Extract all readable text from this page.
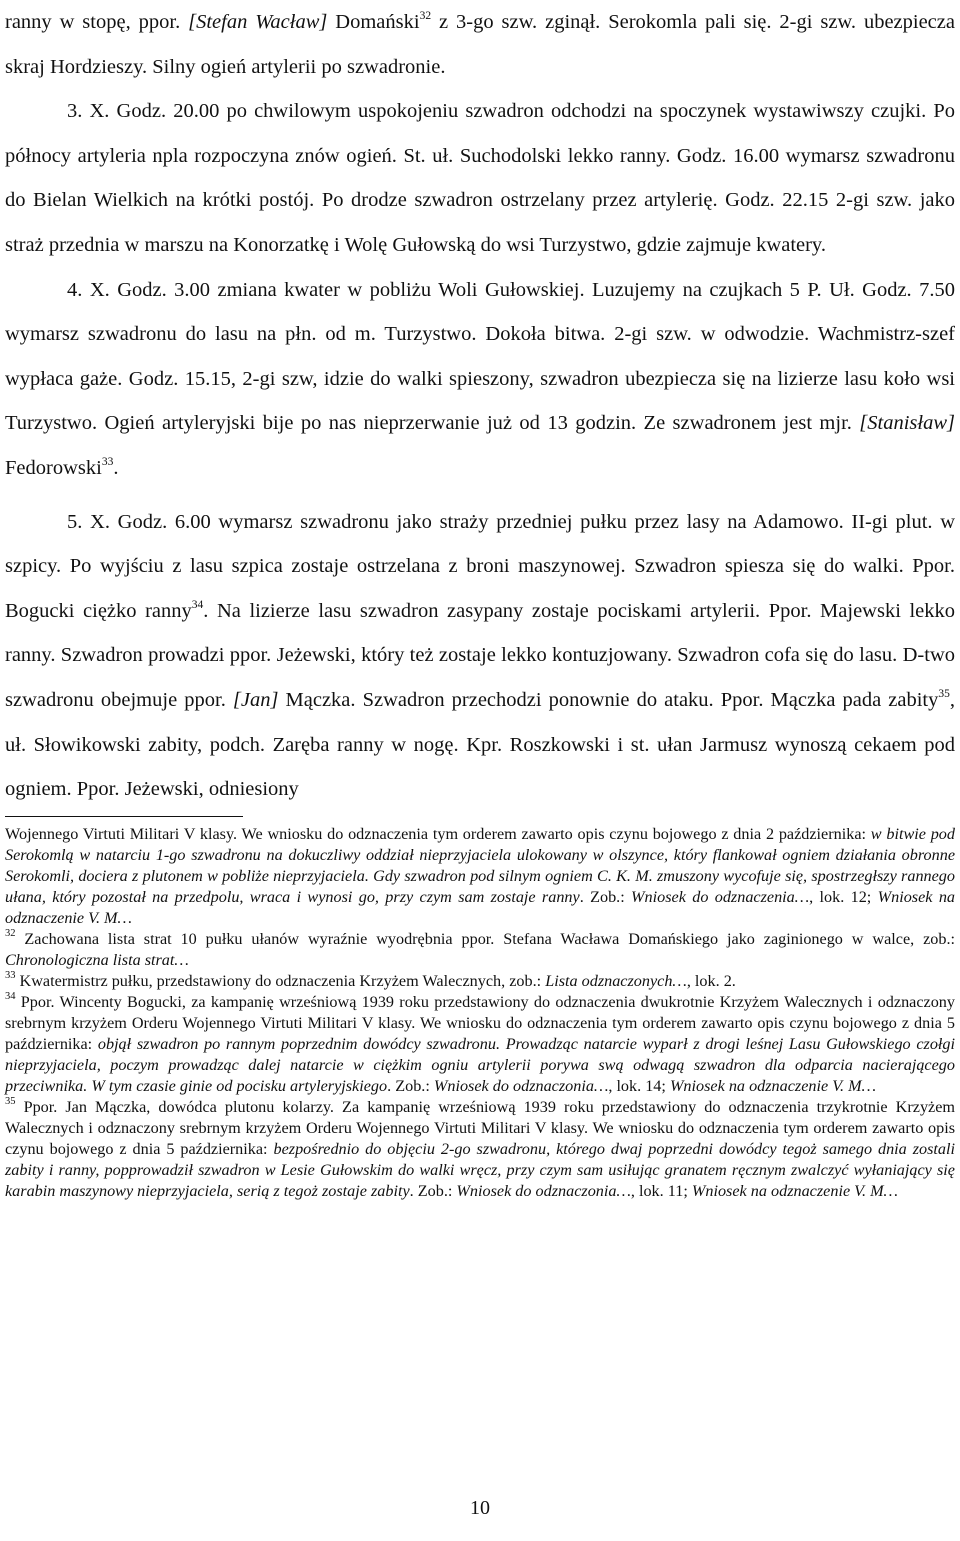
ranny w stopę, ppor. [Stefan Wacław] Domański$^{32}$ z 3-go szw. zginął. Serokomla pali się. 2-gi szw. ubezpiecza skraj Hordzieszy. Silny ogień artylerii po szwadronie.

3. X. Godz. 20.00 po chwilowym uspokojeniu szwadron odchodzi na spoczynek wystawiwszy czujki. Po północy artyleria npla rozpoczyna znów ogień. St. uł. Suchodolski lekko ranny. Godz. 16.00 wymarsz szwadronu do Bielan Wielkich na krótki postój. Po drodze szwadron ostrzelany przez artylerię. Godz. 22.15 2-gi szw. jako straż przednia w marszu na Konorzatkę i Wolę Gułowską do wsi Turzystwo, gdzie zajmuje kwatery.

4. X. Godz. 3.00 zmiana kwater w pobliżu Woli Gułowskiej. Luzujemy na czujkach 5 P. Uł. Godz. 7.50 wymarsz szwadronu do lasu na płn. od m. Turzystwo. Dokoła bitwa. 2-gi szw. w odwodzie. Wachmistrz-szef wypłaca gaże. Godz. 15.15, 2-gi szw, idzie do walki spieszony, szwadron ubezpiecza się na lizierze lasu koło wsi Turzystwo. Ogień artyleryjski bije po nas nieprzerwanie już od 13 godzin. Ze szwadronem jest mjr. [Stanisław] Fedorowski$^{33}$.

5. X. Godz. 6.00 wymarsz szwadronu jako straży przedniej pułku przez lasy na Adamowo. II-gi plut. w szpicy. Po wyjściu z lasu szpica zostaje ostrzelana z broni maszynowej. Szwadron spiesza się do walki. Ppor. Bogucki ciężko ranny$^{34}$. Na lizierze lasu szwadron zasypany zostaje pociskami artylerii. Ppor. Majewski lekko ranny. Szwadron prowadzi ppor. Jeżewski, który też zostaje lekko kontuzjowany. Szwadron cofa się do lasu. D-two szwadronu obejmuje ppor. [Jan] Mączka. Szwadron przechodzi ponownie do ataku. Ppor. Mączka pada zabity$^{35}$, uł. Słowikowski zabity, podch. Zaręba ranny w nogę. Kpr. Roszkowski i st. ułan Jarmusz wynoszą cekaem pod ogniem. Ppor. Jeżewski, odniesiony

Wojennego Virtuti Militari V klasy. We wniosku do odznaczenia tym orderem zawarto opis czynu bojowego z dnia 2 października: w bitwie pod Serokomlą w natarciu 1-go szwadronu na dokuczliwy oddział nieprzyjaciela ulokowany w olszynce, który flankował ogniem działania obronne Serokomli, dociera z plutonem w pobliże nieprzyjaciela. Gdy szwadron pod silnym ogniem C. K. M. zmuszony wycofuje się, spostrzegłszy rannego ułana, który pozostał na przedpolu, wraca i wynosi go, przy czym sam zostaje ranny. Zob.: Wniosek do odznaczenia…, lok. 12; Wniosek na odznaczenie V. M…

$^{32}$ Zachowana lista strat 10 pułku ułanów wyraźnie wyodrębnia ppor. Stefana Wacława Domańskiego jako zaginionego w walce, zob.: Chronologiczna lista strat…

$^{33}$ Kwatermistrz pułku, przedstawiony do odznaczenia Krzyżem Walecznych, zob.: Lista odznaczonych…, lok. 2.

$^{34}$ Ppor. Wincenty Bogucki, za kampanię wrześniową 1939 roku przedstawiony do odznaczenia dwukrotnie Krzyżem Walecznych i odznaczony srebrnym krzyżem Orderu Wojennego Virtuti Militari V klasy. We wniosku do odznaczenia tym orderem zawarto opis czynu bojowego z dnia 5 października: objął szwadron po rannym poprzednim dowódcy szwadronu. Prowadząc natarcie wyparł z drogi leśnej Lasu Gułowskiego czołgi nieprzyjaciela, poczym prowadząc dalej natarcie w ciężkim ogniu artylerii porywa swą odwagą szwadron dla odparcia nacierającego przeciwnika. W tym czasie ginie od pocisku artyleryjskiego. Zob.: Wniosek do odznaczonia…, lok. 14; Wniosek na odznaczenie V. M…

$^{35}$ Ppor. Jan Mączka, dowódca plutonu kolarzy. Za kampanię wrześniową 1939 roku przedstawiony do odznaczenia trzykrotnie Krzyżem Walecznych i odznaczony srebrnym krzyżem Orderu Wojennego Virtuti Militari V klasy. We wniosku do odznaczenia tym orderem zawarto opis czynu bojowego z dnia 5 października: bezpośrednio do objęciu 2-go szwadronu, którego dwaj poprzedni dowódcy tegoż samego dnia zostali zabity i ranny, popprowadził szwadron w Lesie Gułowskim do walki wręcz, przy czym sam usiłując granatem ręcznym zwalczyć wyłaniający się karabin maszynowy nieprzyjaciela, serią z tegoż zostaje zabity. Zob.: Wniosek do odznaczonia…, lok. 11; Wniosek na odznaczenie V. M…

10
